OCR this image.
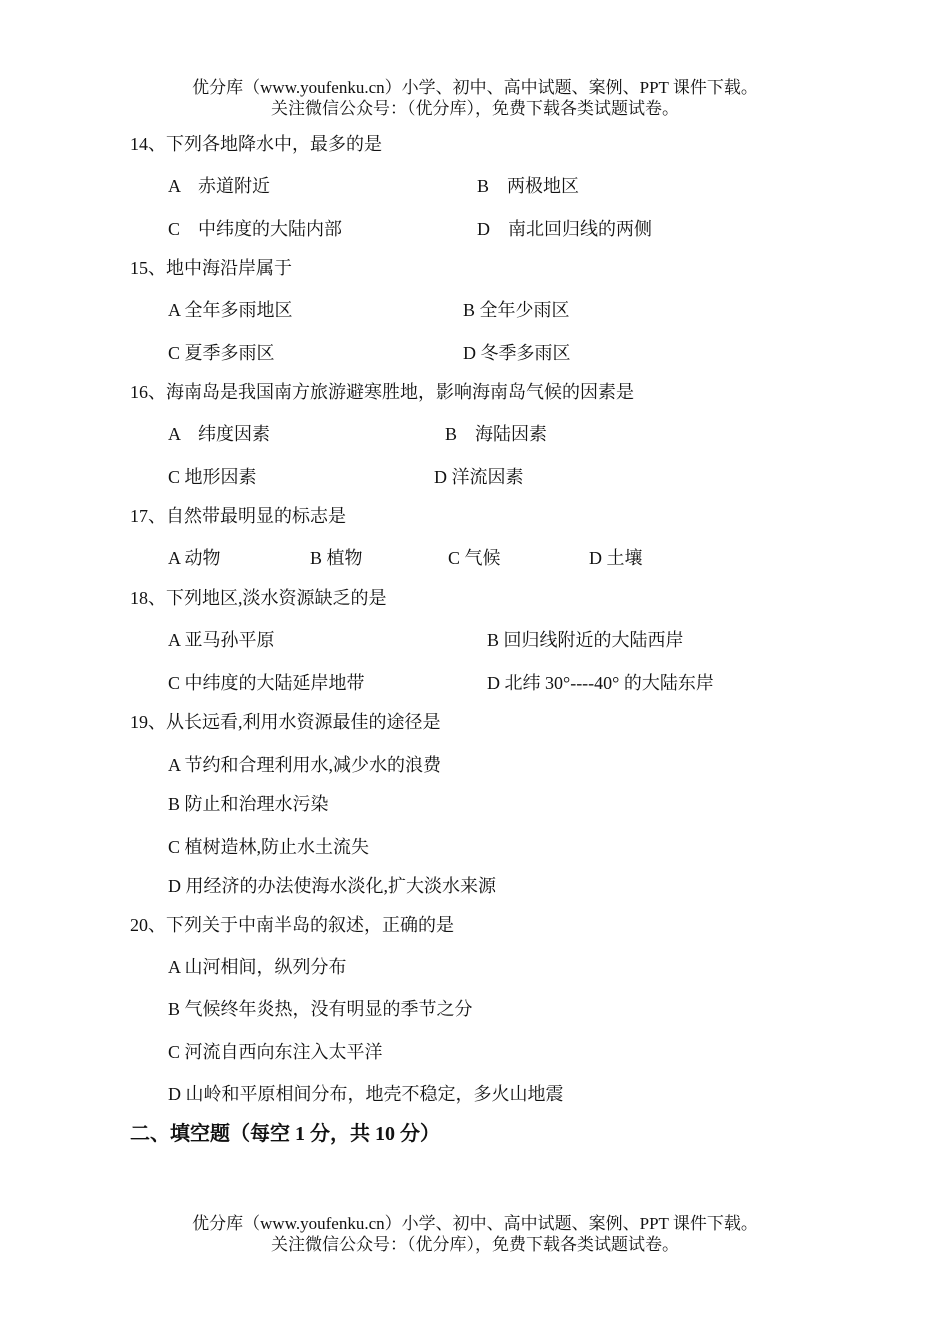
优分库（www.youfenku.cn）小学、初中、高中试题、案例、PPT 课件下载。
关注微信公众号：（优分库），免费下载各类试题试卷。
14、下列各地降水中，最多的是
A　赤道附近	B　两极地区
C　中纬度的大陆内部	D　南北回归线的两侧
15、地中海沿岸属于
A 全年多雨地区	B 全年少雨区
C 夏季多雨区	D 冬季多雨区
16、海南岛是我国南方旅游避寒胜地，影响海南岛气候的因素是
A　纬度因素	B　海陆因素
C 地形因素	D 洋流因素
17、自然带最明显的标志是
A 动物	B 植物	C 气候	D 土壤
18、下列地区,淡水资源缺乏的是
A 亚马孙平原	B 回归线附近的大陆西岸
C 中纬度的大陆延岸地带	D 北纬 30°----40° 的大陆东岸
19、从长远看,利用水资源最佳的途径是
A 节约和合理利用水,减少水的浪费
B 防止和治理水污染
C 植树造林,防止水土流失
D 用经济的办法使海水淡化,扩大淡水来源
20、下列关于中南半岛的叙述，正确的是
A 山河相间，纵列分布
B 气候终年炎热，没有明显的季节之分
C 河流自西向东注入太平洋
D 山岭和平原相间分布，地壳不稳定，多火山地震
二、填空题（每空 1 分，共 10 分）
优分库（www.youfenku.cn）小学、初中、高中试题、案例、PPT 课件下载。
关注微信公众号：（优分库），免费下载各类试题试卷。
